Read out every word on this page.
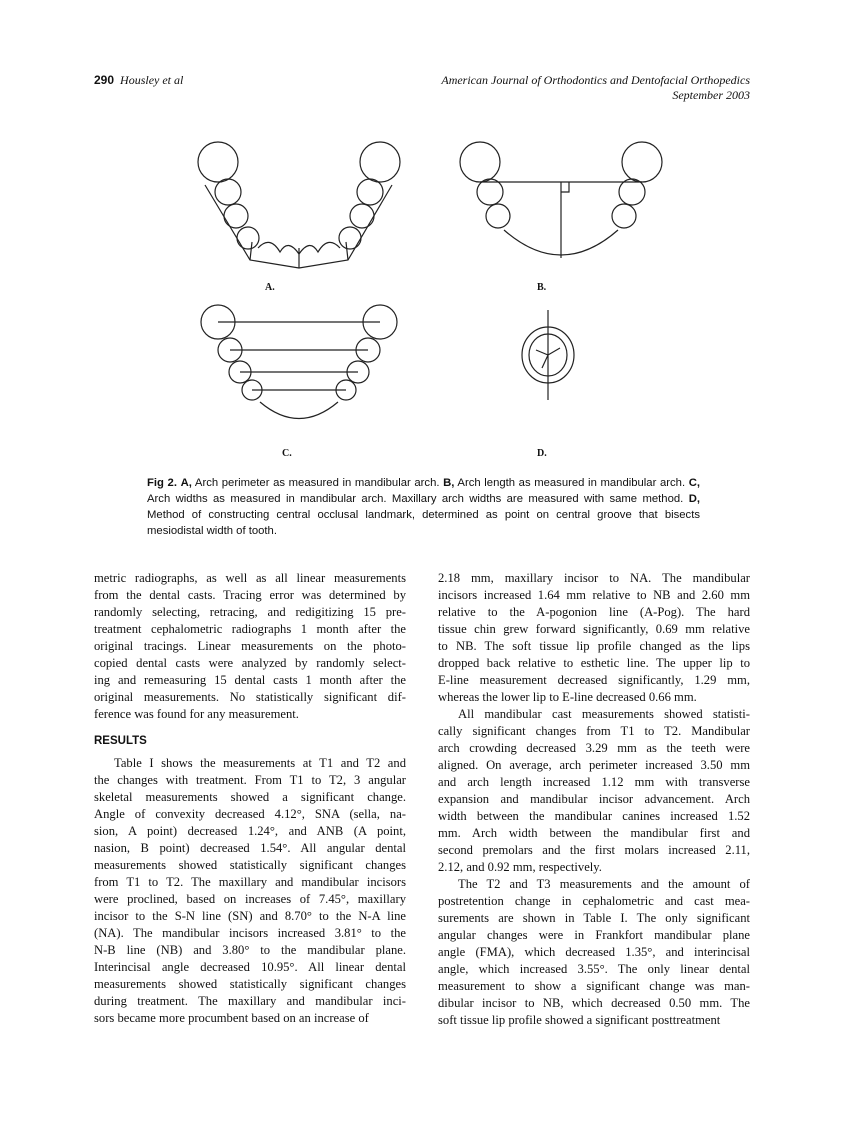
290 Housley et al	American Journal of Orthodontics and Dentofacial Orthopedics
September 2003
A.	B.
C.	D.
Fig 2. A, Arch perimeter as measured in mandibular arch. B, Arch length as measured in mandibular arch. C, Arch widths as measured in mandibular arch. Maxillary arch widths are measured with same method. D, Method of constructing central occlusal landmark, determined as point on central groove that bisects mesiodistal width of tooth.
metric radiographs, as well as all linear measurements
from the dental casts. Tracing error was determined by
randomly selecting, retracing, and redigitizing 15 pre-
treatment cephalometric radiographs 1 month after the
original tracings. Linear measurements on the photo-
copied dental casts were analyzed by randomly select-
ing and remeasuring 15 dental casts 1 month after the
original measurements. No statistically significant dif-
ference was found for any measurement.
RESULTS
Table I shows the measurements at T1 and T2 and
the changes with treatment. From T1 to T2, 3 angular
skeletal measurements showed a significant change.
Angle of convexity decreased 4.12°, SNA (sella, na-
sion, A point) decreased 1.24°, and ANB (A point,
nasion, B point) decreased 1.54°. All angular dental
measurements showed statistically significant changes
from T1 to T2. The maxillary and mandibular incisors
were proclined, based on increases of 7.45°, maxillary
incisor to the S-N line (SN) and 8.70° to the N-A line
(NA). The mandibular incisors increased 3.81° to the
N-B line (NB) and 3.80° to the mandibular plane.
Interincisal angle decreased 10.95°. All linear dental
measurements showed statistically significant changes
during treatment. The maxillary and mandibular inci-
sors became more procumbent based on an increase of
2.18 mm, maxillary incisor to NA. The mandibular
incisors increased 1.64 mm relative to NB and 2.60 mm
relative to the A-pogonion line (A-Pog). The hard
tissue chin grew forward significantly, 0.69 mm relative
to NB. The soft tissue lip profile changed as the lips
dropped back relative to esthetic line. The upper lip to
E-line measurement decreased significantly, 1.29 mm,
whereas the lower lip to E-line decreased 0.66 mm.
All mandibular cast measurements showed statisti-
cally significant changes from T1 to T2. Mandibular
arch crowding decreased 3.29 mm as the teeth were
aligned. On average, arch perimeter increased 3.50 mm
and arch length increased 1.12 mm with transverse
expansion and mandibular incisor advancement. Arch
width between the mandibular canines increased 1.52
mm. Arch width between the mandibular first and
second premolars and the first molars increased 2.11,
2.12, and 0.92 mm, respectively.
The T2 and T3 measurements and the amount of
postretention change in cephalometric and cast mea-
surements are shown in Table I. The only significant
angular changes were in Frankfort mandibular plane
angle (FMA), which decreased 1.35°, and interincisal
angle, which increased 3.55°. The only linear dental
measurement to show a significant change was man-
dibular incisor to NB, which decreased 0.50 mm. The
soft tissue lip profile showed a significant posttreatment
